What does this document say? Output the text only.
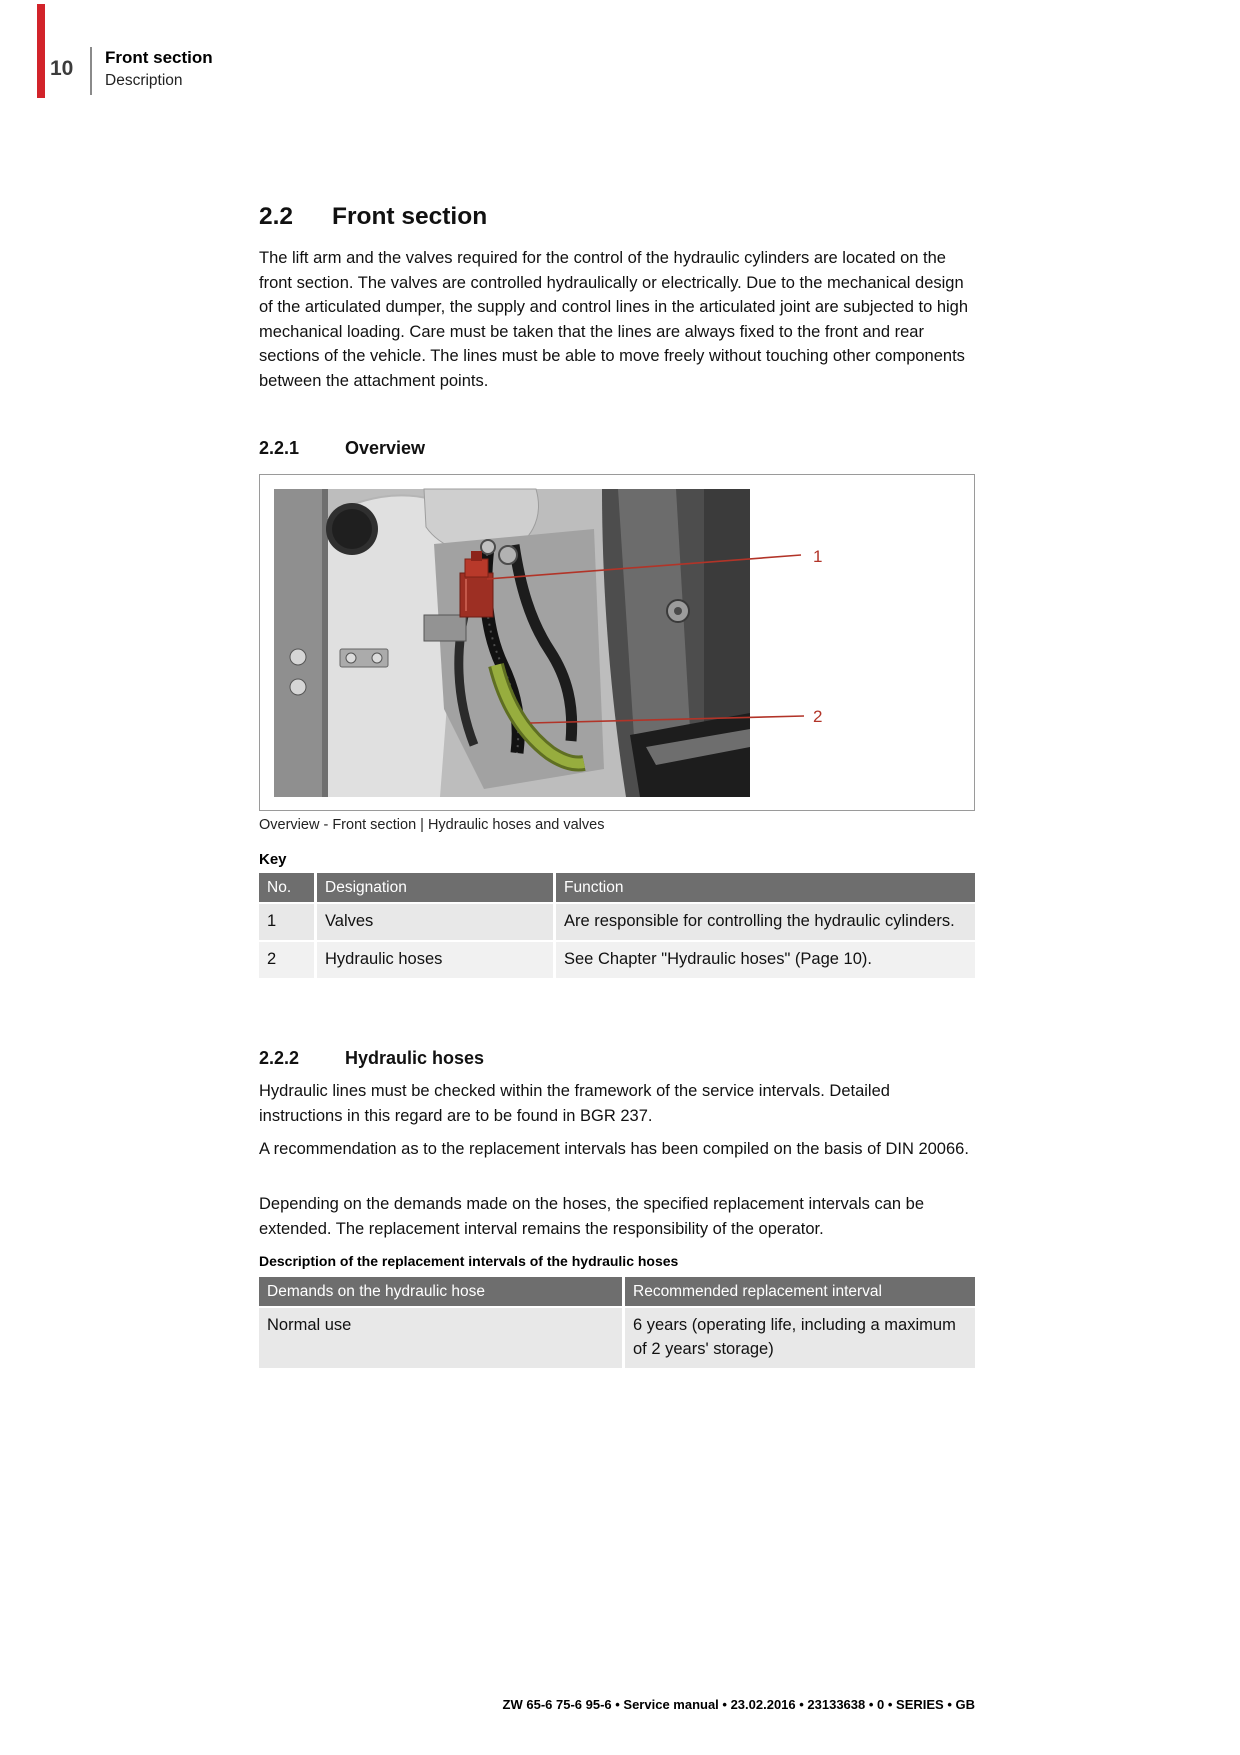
10 Front section
Description
2.2	Front section

The lift arm and the valves required for the control of the hydraulic cylinders are located on the front section. The valves are controlled hydraulically or electrically. Due to the mechanical design of the articulated dumper, the supply and control lines in the articulated joint are subjected to high mechanical loading. Care must be taken that the lines are always fixed to the front and rear sections of the vehicle. The lines must be able to move freely without touching other components between the attachment points.

2.2.1	Overview
1
2

Overview - Front section | Hydraulic hoses and valves

Key

No.	Designation	Function
1	Valves	Are responsible for controlling the hydraulic cylinders.
2	Hydraulic hoses	See Chapter "Hydraulic hoses" (Page 10).
2.2.2	Hydraulic hoses

Hydraulic lines must be checked within the framework of the service intervals. Detailed instructions in this regard are to be found in BGR 237.

A recommendation as to the replacement intervals has been compiled on the basis of DIN 20066.

Depending on the demands made on the hoses, the specified replacement intervals can be extended. The replacement interval remains the responsibility of the operator.

Description of the replacement intervals of the hydraulic hoses

Demands on the hydraulic hose	Recommended replacement interval
Normal use	6 years (operating life, including a maximum of 2 years' storage)

ZW 65-6 75-6 95-6 • Service manual • 23.02.2016 • 23133638 • 0 • SERIES • GB
